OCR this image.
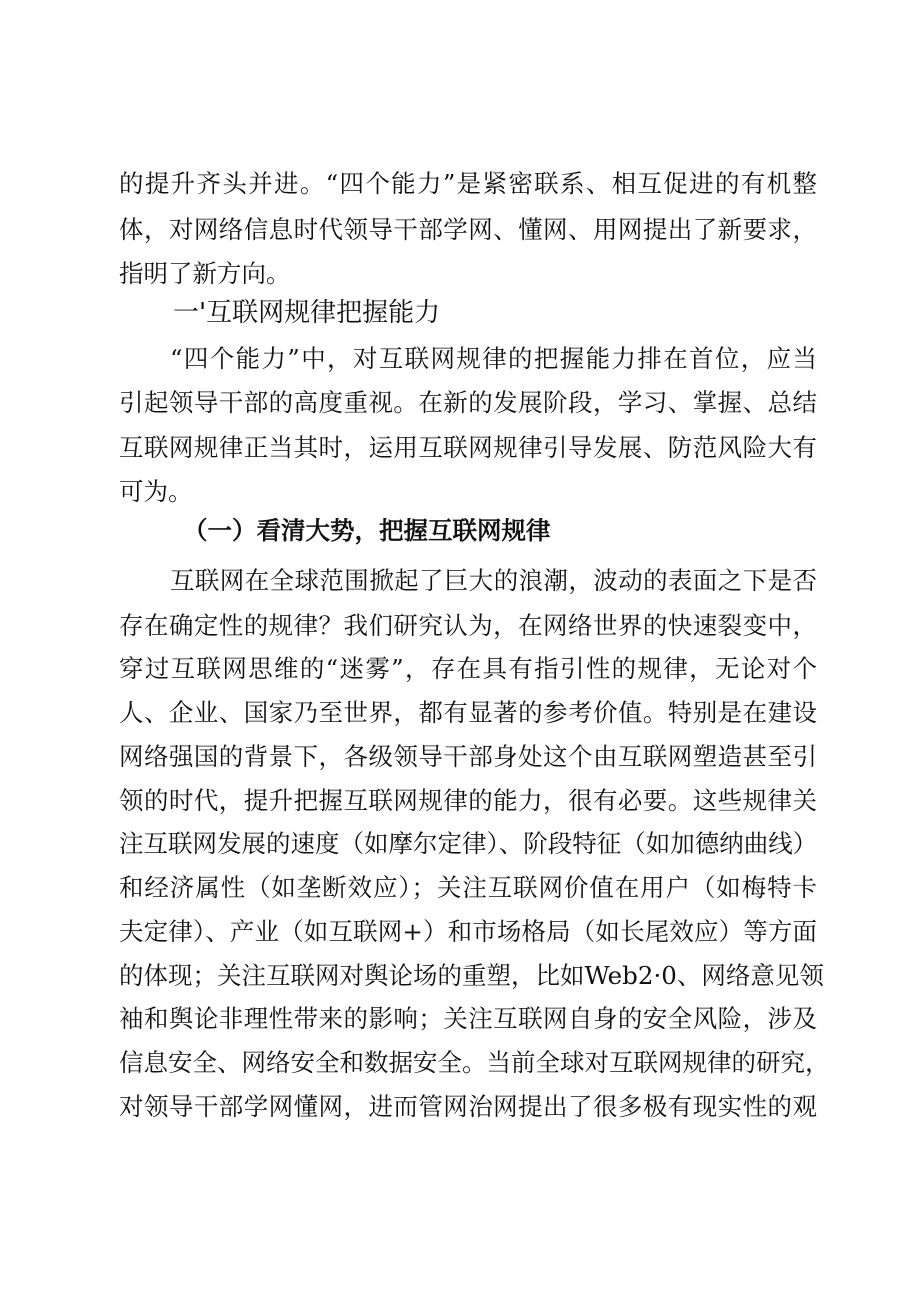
的提升齐头并进。“四个能力”是紧密联系、相互促进的有机整
体，对网络信息时代领导干部学网、懂网、用网提出了新要求，
指明了新方向。
一'互联网规律把握能力
“四个能力”中，对互联网规律的把握能力排在首位，应当
引起领导干部的高度重视。在新的发展阶段，学习、掌握、总结
互联网规律正当其时，运用互联网规律引导发展、防范风险大有
可为。
（一）看清大势，把握互联网规律
互联网在全球范围掀起了巨大的浪潮，波动的表面之下是否
存在确定性的规律？我们研究认为，在网络世界的快速裂变中，
穿过互联网思维的“迷雾”，存在具有指引性的规律，无论对个
人、企业、国家乃至世界，都有显著的参考价值。特别是在建设
网络强国的背景下，各级领导干部身处这个由互联网塑造甚至引
领的时代，提升把握互联网规律的能力，很有必要。这些规律关
注互联网发展的速度（如摩尔定律）、阶段特征（如加德纳曲线）
和经济属性（如垄断效应）；关注互联网价值在用户（如梅特卡
夫定律）、产业（如互联网+）和市场格局（如长尾效应）等方面
的体现；关注互联网对舆论场的重塑，比如Web2·0、网络意见领
袖和舆论非理性带来的影响；关注互联网自身的安全风险，涉及
信息安全、网络安全和数据安全。当前全球对互联网规律的研究，
对领导干部学网懂网，进而管网治网提出了很多极有现实性的观
